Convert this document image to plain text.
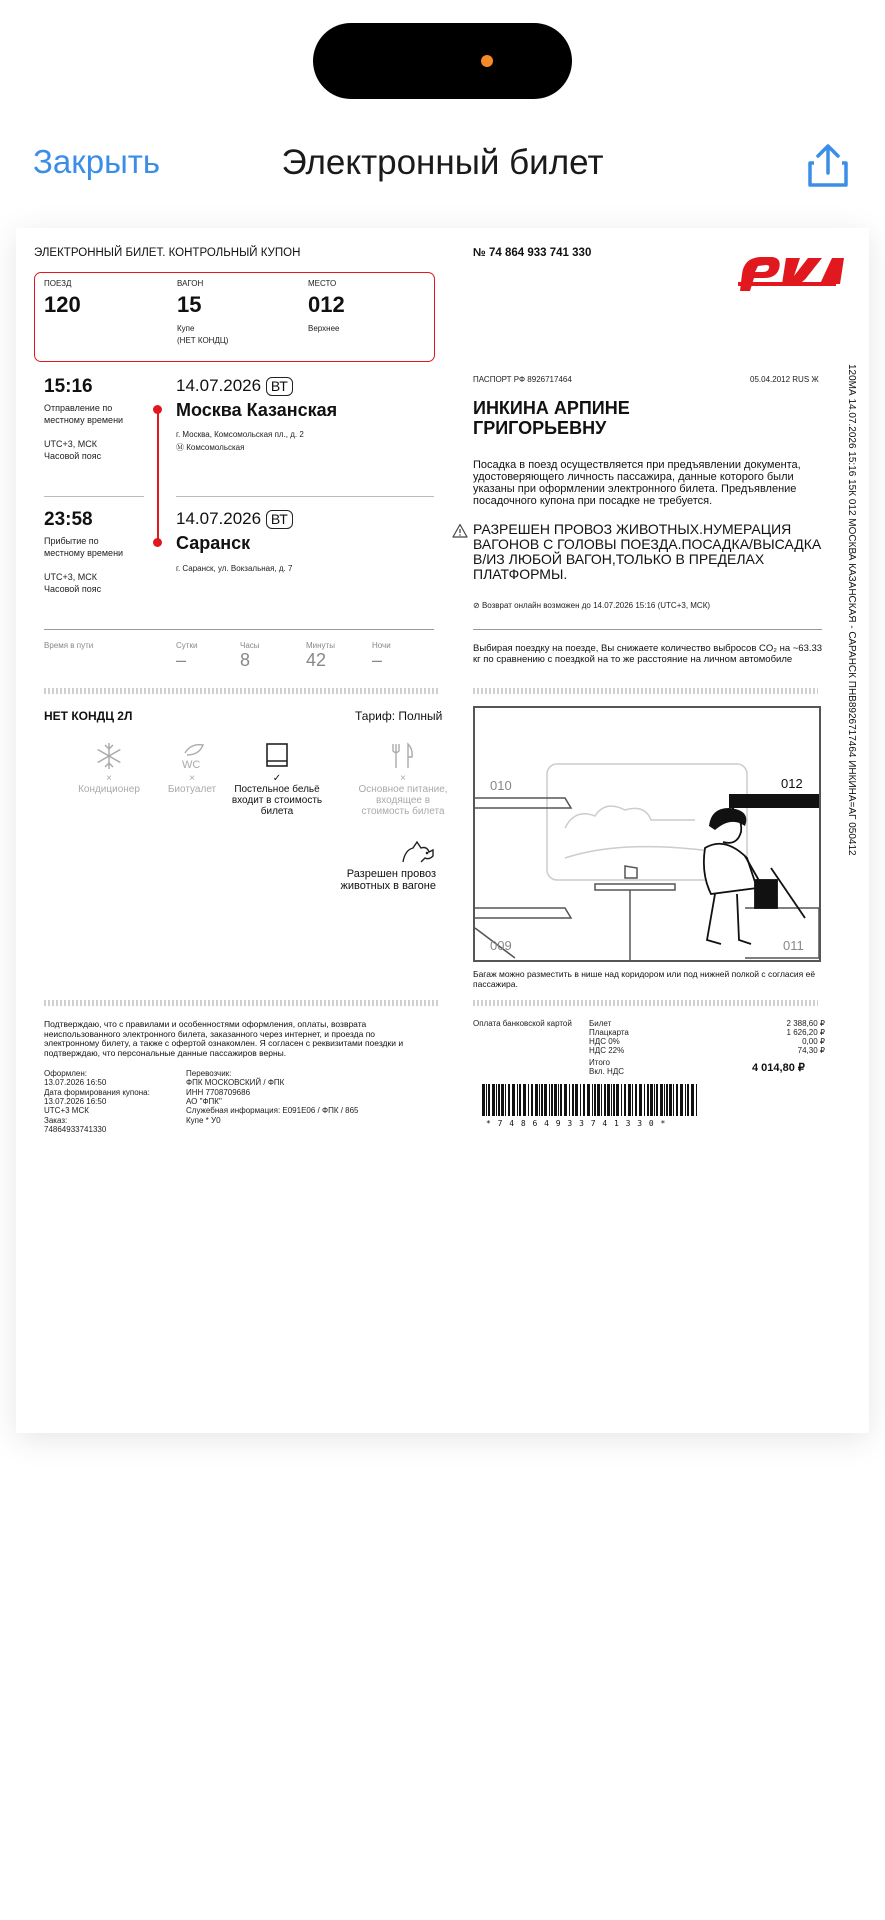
Закрыть	Электронный билет
ЭЛЕКТРОННЫЙ БИЛЕТ. КОНТРОЛЬНЫЙ КУПОН	№ 74 864 933 741 330
ПОЕЗД
120
ВАГОН
15
Купе
(НЕТ КОНДЦ)
МЕСТО
012
Верхнее
15:16
Отправление по
местному времени
UTC+3, МСК
Часовой пояс
14.07.2026 ВТ
Москва Казанская
г. Москва, Комсомольская пл., д. 2
Ⓜ Комсомольская
23:58
Прибытие по
местному времени
UTC+3, МСК
Часовой пояс
14.07.2026 ВТ
Саранск
г. Саранск, ул. Вокзальная, д. 7
Время в пути	Сутки
–
Часы
8
Минуты
42
Ночи
–
ПАСПОРТ РФ 8926717464	05.04.2012 RUS Ж
ИНКИНА АРПИНЕ
ГРИГОРЬЕВНУ
Посадка в поезд осуществляется при предъявлении документа, удостоверяющего личность пассажира, данные которого были указаны при оформлении электронного билета. Предъявление посадочного купона при посадке не требуется.
РАЗРЕШЕН ПРОВОЗ ЖИВОТНЫХ.НУМЕРАЦИЯ ВАГОНОВ С ГОЛОВЫ ПОЕЗДА.ПОСАДКА/ВЫСАДКА В/ИЗ ЛЮБОЙ ВАГОН,ТОЛЬКО В ПРЕДЕЛАХ ПЛАТФОРМЫ.
⊘ Возврат онлайн возможен до 14.07.2026 15:16 (UTC+3, МСК)
Выбирая поездку на поезде, Вы снижаете количество выбросов CO₂ на ~63.33 кг по сравнению с поездкой на то же расстояние на личном автомобиле	120МА 14.07.2026 15:16 15К 012 МОСКВА КАЗАНСКАЯ - САРАНСК ПНВ8926717464 ИНКИНА=АГ 050412
НЕТ КОНДЦ 2Л	Тариф: Полный
×
Кондиционер
WC
×
Биотуалет
✓
Постельное бельё входит в стоимость билета
×
Основное питание, входящее в стоимость билета
Разрешен провоз животных в вагоне
010	012
009	011
Багаж можно разместить в нише над коридором или под нижней полкой с согласия её пассажира.
Подтверждаю, что с правилами и особенностями оформления, оплаты, возврата неиспользованного электронного билета, заказанного через интернет, и проезда по электронному билету, а также с офертой ознакомлен. Я согласен с реквизитами поездки и подтверждаю, что персональные данные пассажиров верны.
Оформлен:
13.07.2026 16:50
Дата формирования купона:
13.07.2026 16:50
UTC+3 МСК
Заказ:
74864933741330
Перевозчик:
ФПК МОСКОВСКИЙ / ФПК
ИНН 7708709686
АО "ФПК"
Служебная информация: Е091Е06 / ФПК / 865
Купе * У0
Оплата банковской картой Билет	2 388,60 ₽
Плацкарта	1 626,20 ₽
НДС 0%	0,00 ₽
НДС 22%	74,30 ₽
Итого
Вкл. НДС	4 014,80 ₽
* 7 4 8 6 4 9 3 3 7 4 1 3 3 0 *
